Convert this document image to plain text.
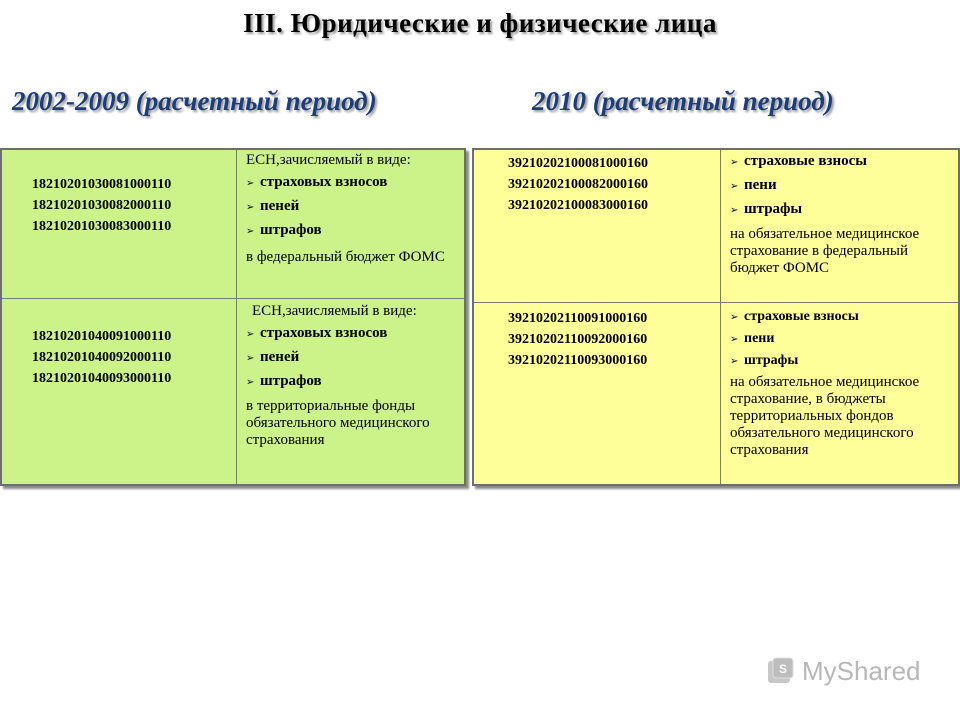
III. Юридические и физические лица
2002-2009 (расчетный период)	2010 (расчетный период)
18210201030081000110
18210201030082000110
18210201030083000110
ЕСН,зачисляемый в виде:
➢ страховых взносов
➢ пеней
➢ штрафов
в федеральный бюджет ФОМС
18210201040091000110
18210201040092000110
18210201040093000110
ЕСН,зачисляемый в виде:
➢ страховых взносов
➢ пеней
➢ штрафов
в территориальные фонды обязательного медицинского страхования
39210202100081000160
39210202100082000160
39210202100083000160
➢ страховые взносы
➢ пени
➢ штрафы
на обязательное медицинское страхование в федеральный бюджет ФОМС
39210202110091000160
39210202110092000160
39210202110093000160
➢ страховые взносы
➢ пени
➢ штрафы
на обязательное медицинское страхование, в бюджеты территориальных фондов обязательного медицинского страхования
S MyShared
